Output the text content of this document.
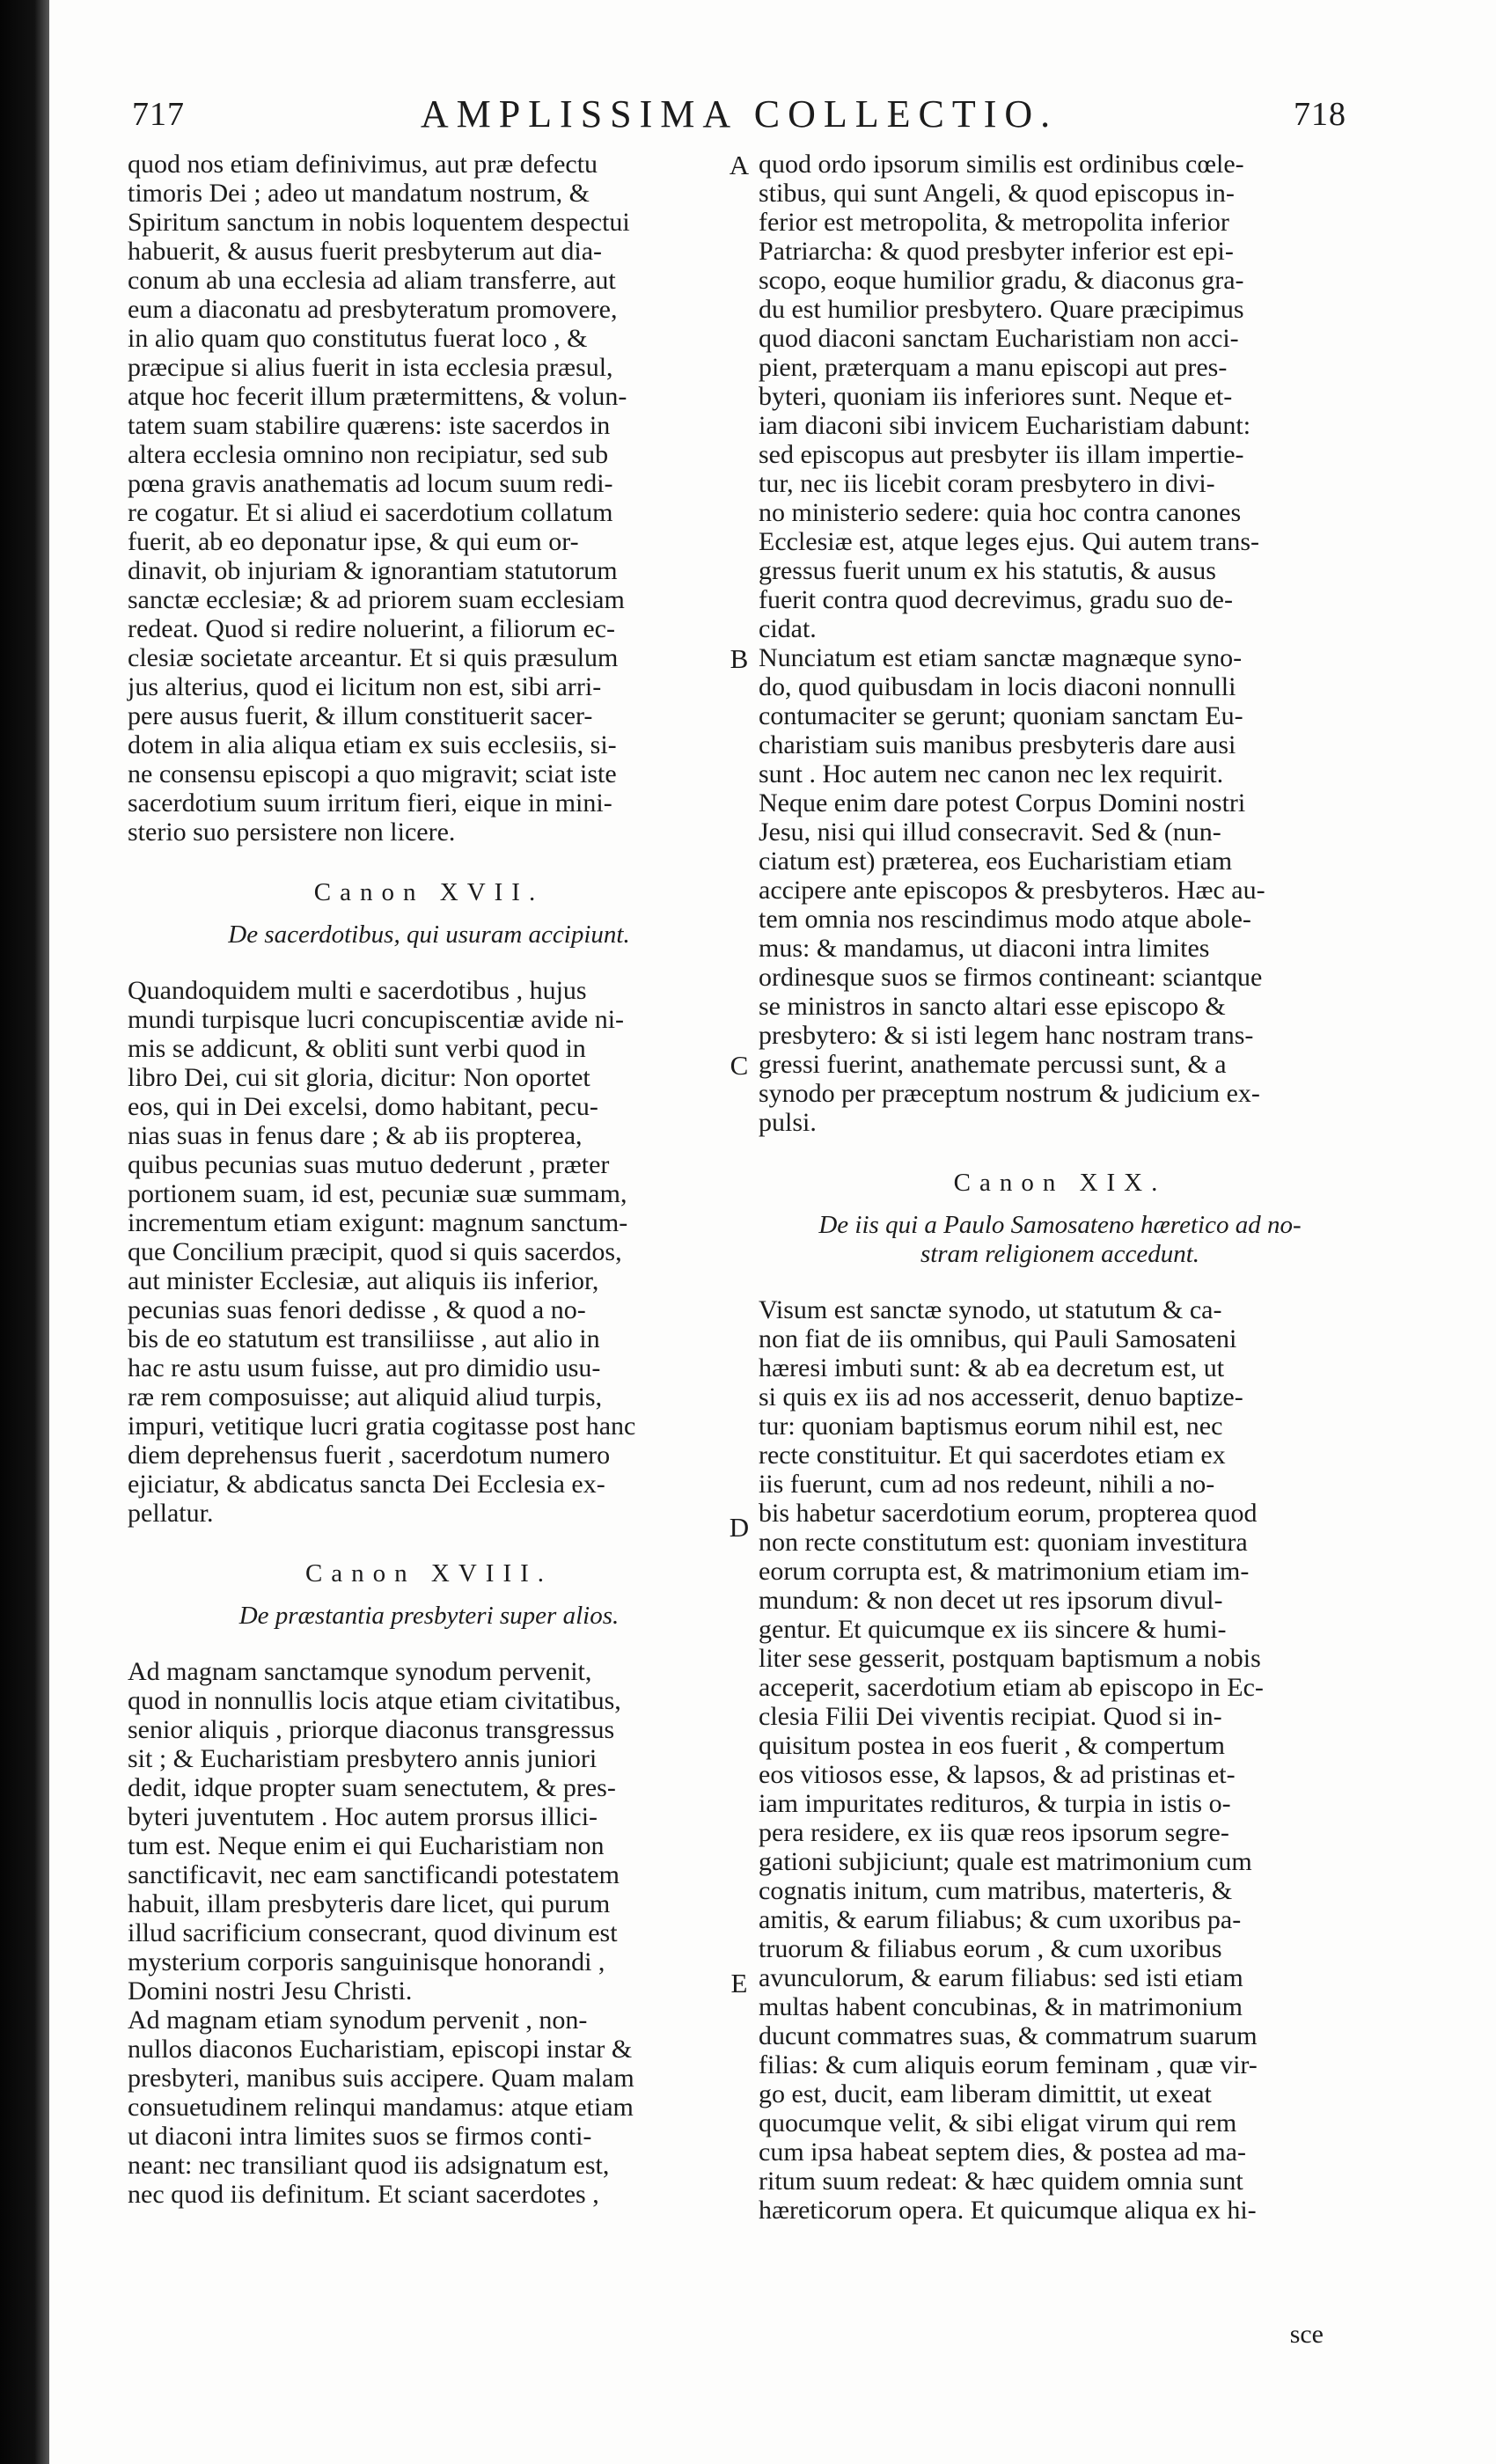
717	AMPLISSIMA COLLECTIO.	718
quod nos etiam definivimus, aut præ defectu
timoris Dei ; adeo ut mandatum nostrum, &
Spiritum sanctum in nobis loquentem despectui
habuerit, & ausus fuerit presbyterum aut dia-
conum ab una ecclesia ad aliam transferre, aut
eum a diaconatu ad presbyteratum promovere,
in alio quam quo constitutus fuerat loco , &
præcipue si alius fuerit in ista ecclesia præsul,
atque hoc fecerit illum prætermittens, & volun-
tatem suam stabilire quærens: iste sacerdos in
altera ecclesia omnino non recipiatur, sed sub
pœna gravis anathematis ad locum suum redi-
re cogatur. Et si aliud ei sacerdotium collatum
fuerit, ab eo deponatur ipse, & qui eum or-
dinavit, ob injuriam & ignorantiam statutorum
sanctæ ecclesiæ; & ad priorem suam ecclesiam
redeat. Quod si redire noluerint, a filiorum ec-
clesiæ societate arceantur. Et si quis præsulum
jus alterius, quod ei licitum non est, sibi arri-
pere ausus fuerit, & illum constituerit sacer-
dotem in alia aliqua etiam ex suis ecclesiis, si-
ne consensu episcopi a quo migravit; sciat iste
sacerdotium suum irritum fieri, eique in mini-
sterio suo persistere non licere.
Canon XVII.
De sacerdotibus, qui usuram accipiunt.
Quandoquidem multi e sacerdotibus , hujus
mundi turpisque lucri concupiscentiæ avide ni-
mis se addicunt, & obliti sunt verbi quod in
libro Dei, cui sit gloria, dicitur: Non oportet
eos, qui in Dei excelsi, domo habitant, pecu-
nias suas in fenus dare ; & ab iis propterea,
quibus pecunias suas mutuo dederunt , præter
portionem suam, id est, pecuniæ suæ summam,
incrementum etiam exigunt: magnum sanctum-
que Concilium præcipit, quod si quis sacerdos,
aut minister Ecclesiæ, aut aliquis iis inferior,
pecunias suas fenori dedisse , & quod a no-
bis de eo statutum est transiliisse , aut alio in
hac re astu usum fuisse, aut pro dimidio usu-
ræ rem composuisse; aut aliquid aliud turpis,
impuri, vetitique lucri gratia cogitasse post hanc
diem deprehensus fuerit , sacerdotum numero
ejiciatur, & abdicatus sancta Dei Ecclesia ex-
pellatur.
Canon XVIII.
De præstantia presbyteri super alios.
Ad magnam sanctamque synodum pervenit,
quod in nonnullis locis atque etiam civitatibus,
senior aliquis , priorque diaconus transgressus
sit ; & Eucharistiam presbytero annis juniori
dedit, idque propter suam senectutem, & pres-
byteri juventutem . Hoc autem prorsus illici-
tum est. Neque enim ei qui Eucharistiam non
sanctificavit, nec eam sanctificandi potestatem
habuit, illam presbyteris dare licet, qui purum
illud sacrificium consecrant, quod divinum est
mysterium corporis sanguinisque honorandi ,
Domini nostri Jesu Christi.
Ad magnam etiam synodum pervenit , non-
nullos diaconos Eucharistiam, episcopi instar &
presbyteri, manibus suis accipere. Quam malam
consuetudinem relinqui mandamus: atque etiam
ut diaconi intra limites suos se firmos conti-
neant: nec transiliant quod iis adsignatum est,
nec quod iis definitum. Et sciant sacerdotes ,
quod ordo ipsorum similis est ordinibus cœle-
stibus, qui sunt Angeli, & quod episcopus in-
ferior est metropolita, & metropolita inferior
Patriarcha: & quod presbyter inferior est epi-
scopo, eoque humilior gradu, & diaconus gra-
du est humilior presbytero. Quare præcipimus
quod diaconi sanctam Eucharistiam non acci-
pient, præterquam a manu episcopi aut pres-
byteri, quoniam iis inferiores sunt. Neque et-
iam diaconi sibi invicem Eucharistiam dabunt:
sed episcopus aut presbyter iis illam impertie-
tur, nec iis licebit coram presbytero in divi-
no ministerio sedere: quia hoc contra canones
Ecclesiæ est, atque leges ejus. Qui autem trans-
gressus fuerit unum ex his statutis, & ausus
fuerit contra quod decrevimus, gradu suo de-
cidat.
Nunciatum est etiam sanctæ magnæque syno-
do, quod quibusdam in locis diaconi nonnulli
contumaciter se gerunt; quoniam sanctam Eu-
charistiam suis manibus presbyteris dare ausi
sunt . Hoc autem nec canon nec lex requirit.
Neque enim dare potest Corpus Domini nostri
Jesu, nisi qui illud consecravit. Sed & (nun-
ciatum est) præterea, eos Eucharistiam etiam
accipere ante episcopos & presbyteros. Hæc au-
tem omnia nos rescindimus modo atque abole-
mus: & mandamus, ut diaconi intra limites
ordinesque suos se firmos contineant: sciantque
se ministros in sancto altari esse episcopo &
presbytero: & si isti legem hanc nostram trans-
gressi fuerint, anathemate percussi sunt, & a
synodo per præceptum nostrum & judicium ex-
pulsi.
Canon XIX.
De iis qui a Paulo Samosateno hæretico ad no-
stram religionem accedunt.
Visum est sanctæ synodo, ut statutum & ca-
non fiat de iis omnibus, qui Pauli Samosateni
hæresi imbuti sunt: & ab ea decretum est, ut
si quis ex iis ad nos accesserit, denuo baptize-
tur: quoniam baptismus eorum nihil est, nec
recte constituitur. Et qui sacerdotes etiam ex
iis fuerunt, cum ad nos redeunt, nihili a no-
bis habetur sacerdotium eorum, propterea quod
non recte constitutum est: quoniam investitura
eorum corrupta est, & matrimonium etiam im-
mundum: & non decet ut res ipsorum divul-
gentur. Et quicumque ex iis sincere & humi-
liter sese gesserit, postquam baptismum a nobis
acceperit, sacerdotium etiam ab episcopo in Ec-
clesia Filii Dei viventis recipiat. Quod si in-
quisitum postea in eos fuerit , & compertum
eos vitiosos esse, & lapsos, & ad pristinas et-
iam impuritates redituros, & turpia in istis o-
pera residere, ex iis quæ reos ipsorum segre-
gationi subjiciunt; quale est matrimonium cum
cognatis initum, cum matribus, materteris, &
amitis, & earum filiabus; & cum uxoribus pa-
truorum & filiabus eorum , & cum uxoribus
avunculorum, & earum filiabus: sed isti etiam
multas habent concubinas, & in matrimonium
ducunt commatres suas, & commatrum suarum
filias: & cum aliquis eorum feminam , quæ vir-
go est, ducit, eam liberam dimittit, ut exeat
quocumque velit, & sibi eligat virum qui rem
cum ipsa habeat septem dies, & postea ad ma-
ritum suum redeat: & hæc quidem omnia sunt
hæreticorum opera. Et quicumque aliqua ex hi-
A
B
C
D
E
sce
